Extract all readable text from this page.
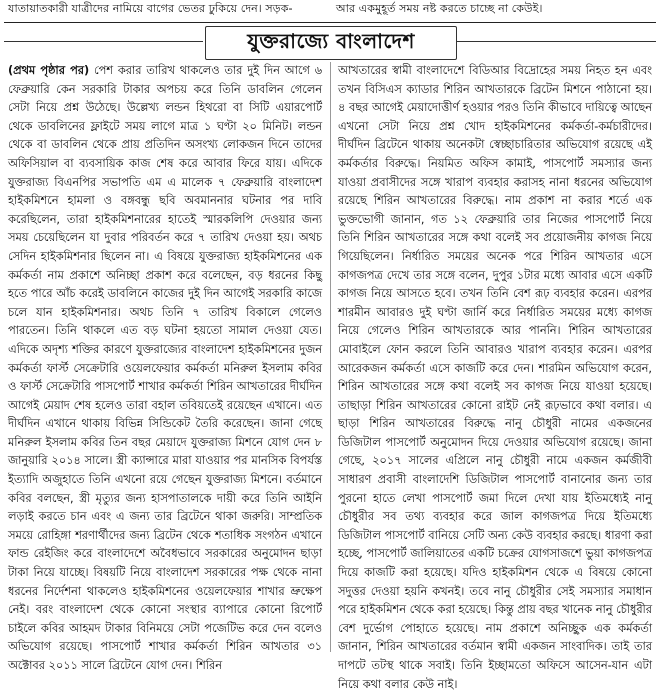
যাতায়াতকারী যাত্রীদের নামিয়ে বাগের ভেতর ঢুকিয়ে দেন। সড়ক-	আর একমুহূর্ত সময় নষ্ট করতে চাচ্ছে না কেউই।
যুক্তরাজ্যে বাংলাদেশ

(প্রথম পৃষ্ঠার পর) পেশ করার তারিখ থাকলেও তার দুই দিন আগে ৬ ফেব্রুয়ারি কেন সরকারি টাকার অপচয় করে তিনি ডাবলিন গেলেন সেটা নিয়ে প্রশ্ন উঠেছে। উল্লেখ্য লন্ডন হিথরো বা সিটি এয়ারপোর্ট থেকে ডাবলিনের ফ্লাইটে সময় লাগে মাত্র ১ ঘণ্টা ২০ মিনিট। লন্ডন থেকে বা ডাবলিন থেকে প্রায় প্রতিদিন অসংখ্য লোকজন দিনে তাদের অফিসিয়াল বা ব্যবসায়িক কাজ শেষ করে আবার ফিরে যায়। এদিকে যুক্তরাজ্য বিএনপির সভাপতি এম এ মালেক ৭ ফেব্রুয়ারি বাংলাদেশ হাইকমিশনে হামলা ও বঙ্গবন্ধু ছবি অবমাননার ঘটনার পর দাবি করেছিলেন, তারা হাইকমিশনারের হাতেই স্মারকলিপি দেওয়ার জন্য সময় চেয়েছিলেন যা দুবার পরিবর্তন করে ৭ তারিখ দেওয়া হয়। অথচ সেদিন হাইকমিশনার ছিলেন না। এ বিষয়ে যুক্তরাজ্য হাইকমিশনের এক কর্মকর্তা নাম প্রকাশে অনিচ্ছা প্রকাশ করে বলেছেন, বড় ধরনের কিছু হতে পারে আঁচ করেই ডাবলিনে কাজের দুই দিন আগেই সরকারি কাজে চলে যান হাইকমিশনার। অথচ তিনি ৭ তারিখ বিকালে গেলেও পারতেন। তিনি থাকলে এত বড় ঘটনা হয়তো সামাল দেওয়া যেত। এদিকে অদৃশ্য শক্তির কারণে যুক্তরাজ্যের বাংলাদেশ হাইকমিশনের দুজন কর্মকর্তা ফার্স্ট সেক্রেটারি ওয়েলফেয়ার কর্মকর্তা মনিরুল ইসলাম কবির ও ফার্স্ট সেক্রেটারি পাসপোর্ট শাখার কর্মকর্তা শিরিন আখতারের দীর্ঘদিন আগেই মেয়াদ শেষ হলেও তারা বহাল তবিয়তেই রয়েছেন এখানে। এত দীর্ঘদিন এখানে থাকায় বিভিন্ন সিন্ডিকেট তৈরি করেছেন। জানা গেছে মনিরুল ইসলাম কবির তিন বছর মেয়াদে যুক্তরাজ্য মিশনে যোগ দেন ৮ জানুয়ারি ২০১৪ সালে। স্ত্রী ক্যান্সারে মারা যাওয়ার পর মানসিক বিপর্যস্ত ইত্যাদি অজুহাতে তিনি এখনো রয়ে গেছেন যুক্তরাজ্য মিশনে। বর্তমানে কবির বলছেন, স্ত্রী মৃত্যুর জন্য হাসপাতালকে দায়ী করে তিনি আইনি লড়াই করতে চান এবং এ জন্য তার ব্রিটেনে থাকা জরুরি। সাম্প্রতিক সময়ে রোহিঙ্গা শরণার্থীদের জন্য ব্রিটেন থেকে শতাধিক সংগঠন এখানে ফান্ড রেইজিং করে বাংলাদেশে অবৈধভাবে সরকারের অনুমোদন ছাড়া টাকা নিয়ে যাচ্ছে। বিষয়টি নিয়ে বাংলাদেশ সরকারের পক্ষ থেকে নানা ধরনের নির্দেশনা থাকলেও হাইকমিশনের ওয়েলফেয়ার শাখার ভ্রুক্ষেপ নেই। বরং বাংলাদেশ থেকে কোনো সংস্থার ব্যাপারে কোনো রিপোর্ট চাইলে কবির আহমদ টাকার বিনিময়ে সেটা পজেটিভ করে দেন বলেও অভিযোগ রয়েছে। পাসপোর্ট শাখার কর্মকর্তা শিরিন আখতার ৩১ অক্টোবর ২০১১ সালে ব্রিটেনে যোগ দেন। শিরিন

আখতারের স্বামী বাংলাদেশে বিডিআর বিদ্রোহের সময় নিহত হন এবং তখন বিসিএস ক্যাডার শিরিন আখতারকে ব্রিটেন মিশনে পাঠানো হয়। ৪ বছর আগেই মেয়াদোত্তীর্ণ হওয়ার পরও তিনি কীভাবে দায়িত্বে আছেন এখনো সেটা নিয়ে প্রশ্ন খোদ হাইকমিশনের কর্মকর্তা-কর্মচারীদের। দীর্ঘদিন ব্রিটেনে থাকায় অনেকটা স্বেচ্ছাচারিতার অভিযোগ রয়েছে এই কর্মকর্তার বিরুদ্ধে। নিয়মিত অফিস কামাই, পাসপোর্ট সমস্যার জন্য যাওয়া প্রবাসীদের সঙ্গে খারাপ ব্যবহার করাসহ নানা ধরনের অভিযোগ রয়েছে শিরিন আখতারের বিরুদ্ধে। নাম প্রকাশ না করার শর্তে এক ভুক্তভোগী জানান, গত ১২ ফেব্রুয়ারি তার নিজের পাসপোর্ট নিয়ে তিনি শিরিন আখতারের সঙ্গে কথা বলেই সব প্রয়োজনীয় কাগজ নিয়ে গিয়েছিলেন। নির্ধারিত সময়ের অনেক পরে শিরিন আখতার এসে কাগজপত্র দেখে তার সঙ্গে বলেন, দুপুর ১টার মধ্যে আবার এসে একটি কাগজ নিয়ে আসতে হবে। তখন তিনি বেশ রূঢ় ব্যবহার করেন। এরপর শারমীন আবারও দুই ঘণ্টা জার্নি করে নির্ধারিত সময়ের মধ্যে কাগজ নিয়ে গেলেও শিরিন আখতারকে আর পাননি। শিরিন আখতারের মোবাইলে ফোন করলে তিনি আবারও খারাপ ব্যবহার করেন। এরপর আরেকজন কর্মকর্তা এসে কাজটি করে দেন। শারমিন অভিযোগ করেন, শিরিন আখতারের সঙ্গে কথা বলেই সব কাগজ নিয়ে যাওয়া হয়েছে। তাছাড়া শিরিন আখতারের কোনো রাইট নেই রূঢ়ভাবে কথা বলার। এ ছাড়া শিরিন আখতারের বিরুদ্ধে নানু চৌধুরী নামের একজনের ডিজিটাল পাসপোর্ট অনুমোদন দিয়ে দেওয়ার অভিযোগ রয়েছে। জানা গেছে, ২০১৭ সালের এপ্রিলে নানু চৌধুরী নামে একজন কর্মজীবী সাধারণ প্রবাসী বাংলাদেশি ডিজিটাল পাসপোর্ট বানানোর জন্য তার পুরনো হাতে লেখা পাসপোর্ট জমা দিলে দেখা যায় ইতিমধ্যেই নানু চৌধুরীর সব তথ্য ব্যবহার করে জাল কাগজপত্র দিয়ে ইতিমধ্যে ডিজিটাল পাসপোর্ট বানিয়ে সেটি অন্য কেউ ব্যবহার করছে। ধারণা করা হচ্ছে, পাসপোর্ট জালিয়াতের একটি চক্রের যোগসাজশে ভুয়া কাগজপত্র দিয়ে কাজটি করা হয়েছে। যদিও হাইকমিশন থেকে এ বিষয়ে কোনো সদুত্তর দেওয়া হয়নি কখনই। তবে নানু চৌধুরীর সেই সমস্যার সমাধান পরে হাইকমিশন থেকে করা হয়েছে। কিন্তু প্রায় বছর খানেক নানু চৌধুরীর বেশ দুর্ভোগ পোহাতে হয়েছে। নাম প্রকাশে অনিচ্ছুক এক কর্মকর্তা জানান, শিরিন আখতারের বর্তমান স্বামী একজন সাংবাদিক। তাই তার দাপটে তটস্থ থাকে সবাই। তিনি ইচ্ছামতো অফিসে আসেন-যান এটা নিয়ে কথা বলার কেউ নাই।
